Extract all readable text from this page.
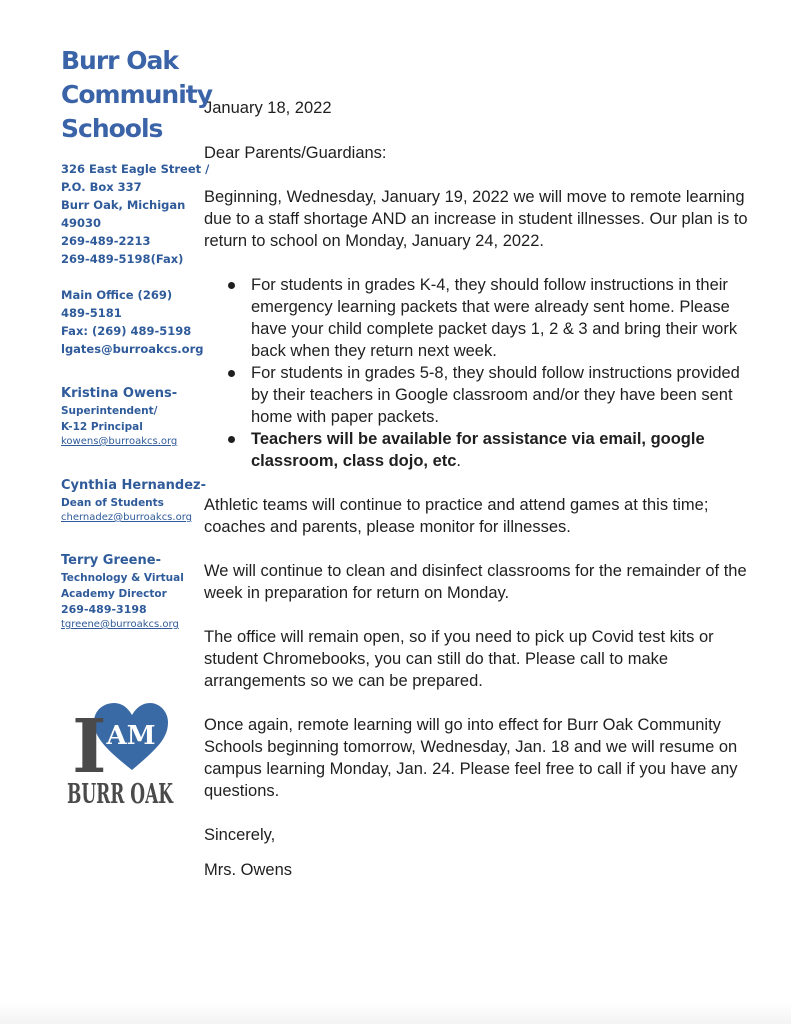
Burr Oak
Community
Schools
326 East Eagle Street /
P.O. Box 337
Burr Oak, Michigan
49030
269-489-2213
269-489-5198(Fax)
Main Office (269)
489-5181
Fax: (269) 489-5198
lgates@burroakcs.org
Kristina Owens-
Superintendent/
K-12 Principal
kowens@burroakcs.org
Cynthia Hernandez-
Dean of Students
chernadez@burroakcs.org
Terry Greene-
Technology & Virtual
Academy Director
269-489-3198
tgreene@burroakcs.org
I AM
BURR OAK

January 18, 2022

Dear Parents/Guardians:

Beginning, Wednesday, January 19, 2022 we will move to remote learning due to a staff shortage AND an increase in student illnesses. Our plan is to return to school on Monday, January 24, 2022.

For students in grades K-4, they should follow instructions in their emergency learning packets that were already sent home. Please have your child complete packet days 1, 2 & 3 and bring their work back when they return next week.
For students in grades 5-8, they should follow instructions provided by their teachers in Google classroom and/or they have been sent home with paper packets.
Teachers will be available for assistance via email, google classroom, class dojo, etc.

Athletic teams will continue to practice and attend games at this time; coaches and parents, please monitor for illnesses.

We will continue to clean and disinfect classrooms for the remainder of the week in preparation for return on Monday.

The office will remain open, so if you need to pick up Covid test kits or student Chromebooks, you can still do that. Please call to make arrangements so we can be prepared.

Once again, remote learning will go into effect for Burr Oak Community Schools beginning tomorrow, Wednesday, Jan. 18 and we will resume on campus learning Monday, Jan. 24. Please feel free to call if you have any questions.

Sincerely,

Mrs. Owens
